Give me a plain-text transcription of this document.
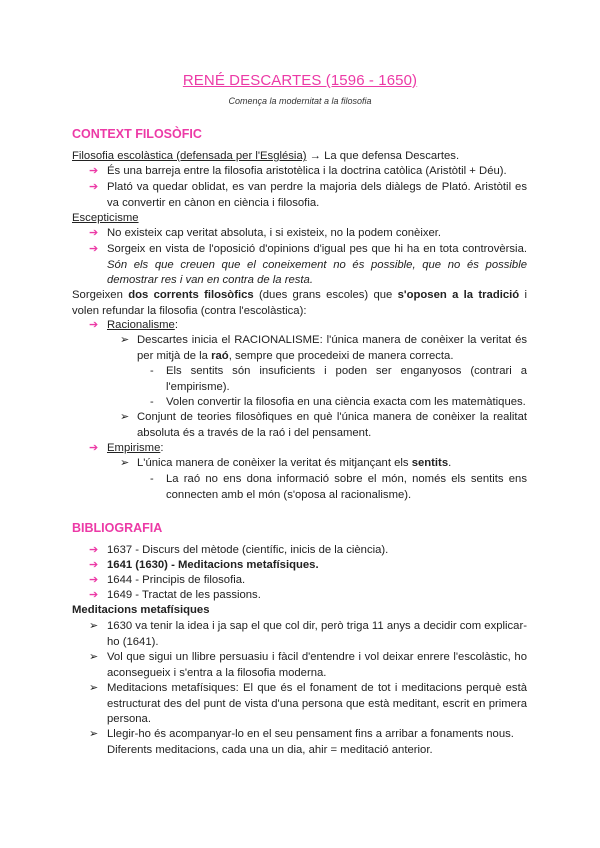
RENÉ DESCARTES (1596 - 1650)
Comença la modernitat a la filosofia
CONTEXT FILOSÒFIC
Filosofia escolàstica (defensada per l'Església) → La que defensa Descartes.
➔ És una barreja entre la filosofia aristotèlica i la doctrina catòlica (Aristòtil + Déu).
➔ Plató va quedar oblidat, es van perdre la majoria dels diàlegs de Plató. Aristòtil es va convertir en cànon en ciència i filosofia.
Escepticisme
➔ No existeix cap veritat absoluta, i si existeix, no la podem conèixer.
➔ Sorgeix en vista de l'oposició d'opinions d'igual pes que hi ha en tota controvèrsia. Són els que creuen que el coneixement no és possible, que no és possible demostrar res i van en contra de la resta.
Sorgeixen dos corrents filosòfics (dues grans escoles) que s'oposen a la tradició i volen refundar la filosofia (contra l'escolàstica):
➔ Racionalisme:
➢ Descartes inicia el RACIONALISME: l'única manera de conèixer la veritat és per mitjà de la raó, sempre que procedeixi de manera correcta.
- Els sentits són insuficients i poden ser enganyosos (contrari a l'empirisme).
- Volen convertir la filosofia en una ciència exacta com les matemàtiques.
➢ Conjunt de teories filosòfiques en què l'única manera de conèixer la realitat absoluta és a través de la raó i del pensament.
➔ Empirisme:
➢ L'única manera de conèixer la veritat és mitjançant els sentits.
- La raó no ens dona informació sobre el món, només els sentits ens connecten amb el món (s'oposa al racionalisme).
BIBLIOGRAFIA
➔ 1637 - Discurs del mètode (científic, inicis de la ciència).
➔ 1641 (1630) - Meditacions metafísiques.
➔ 1644 - Principis de filosofia.
➔ 1649 - Tractat de les passions.
Meditacions metafísiques
➢ 1630 va tenir la idea i ja sap el que col dir, però triga 11 anys a decidir com explicar-ho (1641).
➢ Vol que sigui un llibre persuasiu i fàcil d'entendre i vol deixar enrere l'escolàstic, ho aconsegueix i s'entra a la filosofia moderna.
➢ Meditacions metafísiques: El que és el fonament de tot i meditacions perquè està estructurat des del punt de vista d'una persona que està meditant, escrit en primera persona.
➢ Llegir-ho és acompanyar-lo en el seu pensament fins a arribar a fonaments nous. Diferents meditacions, cada una un dia, ahir = meditació anterior.
